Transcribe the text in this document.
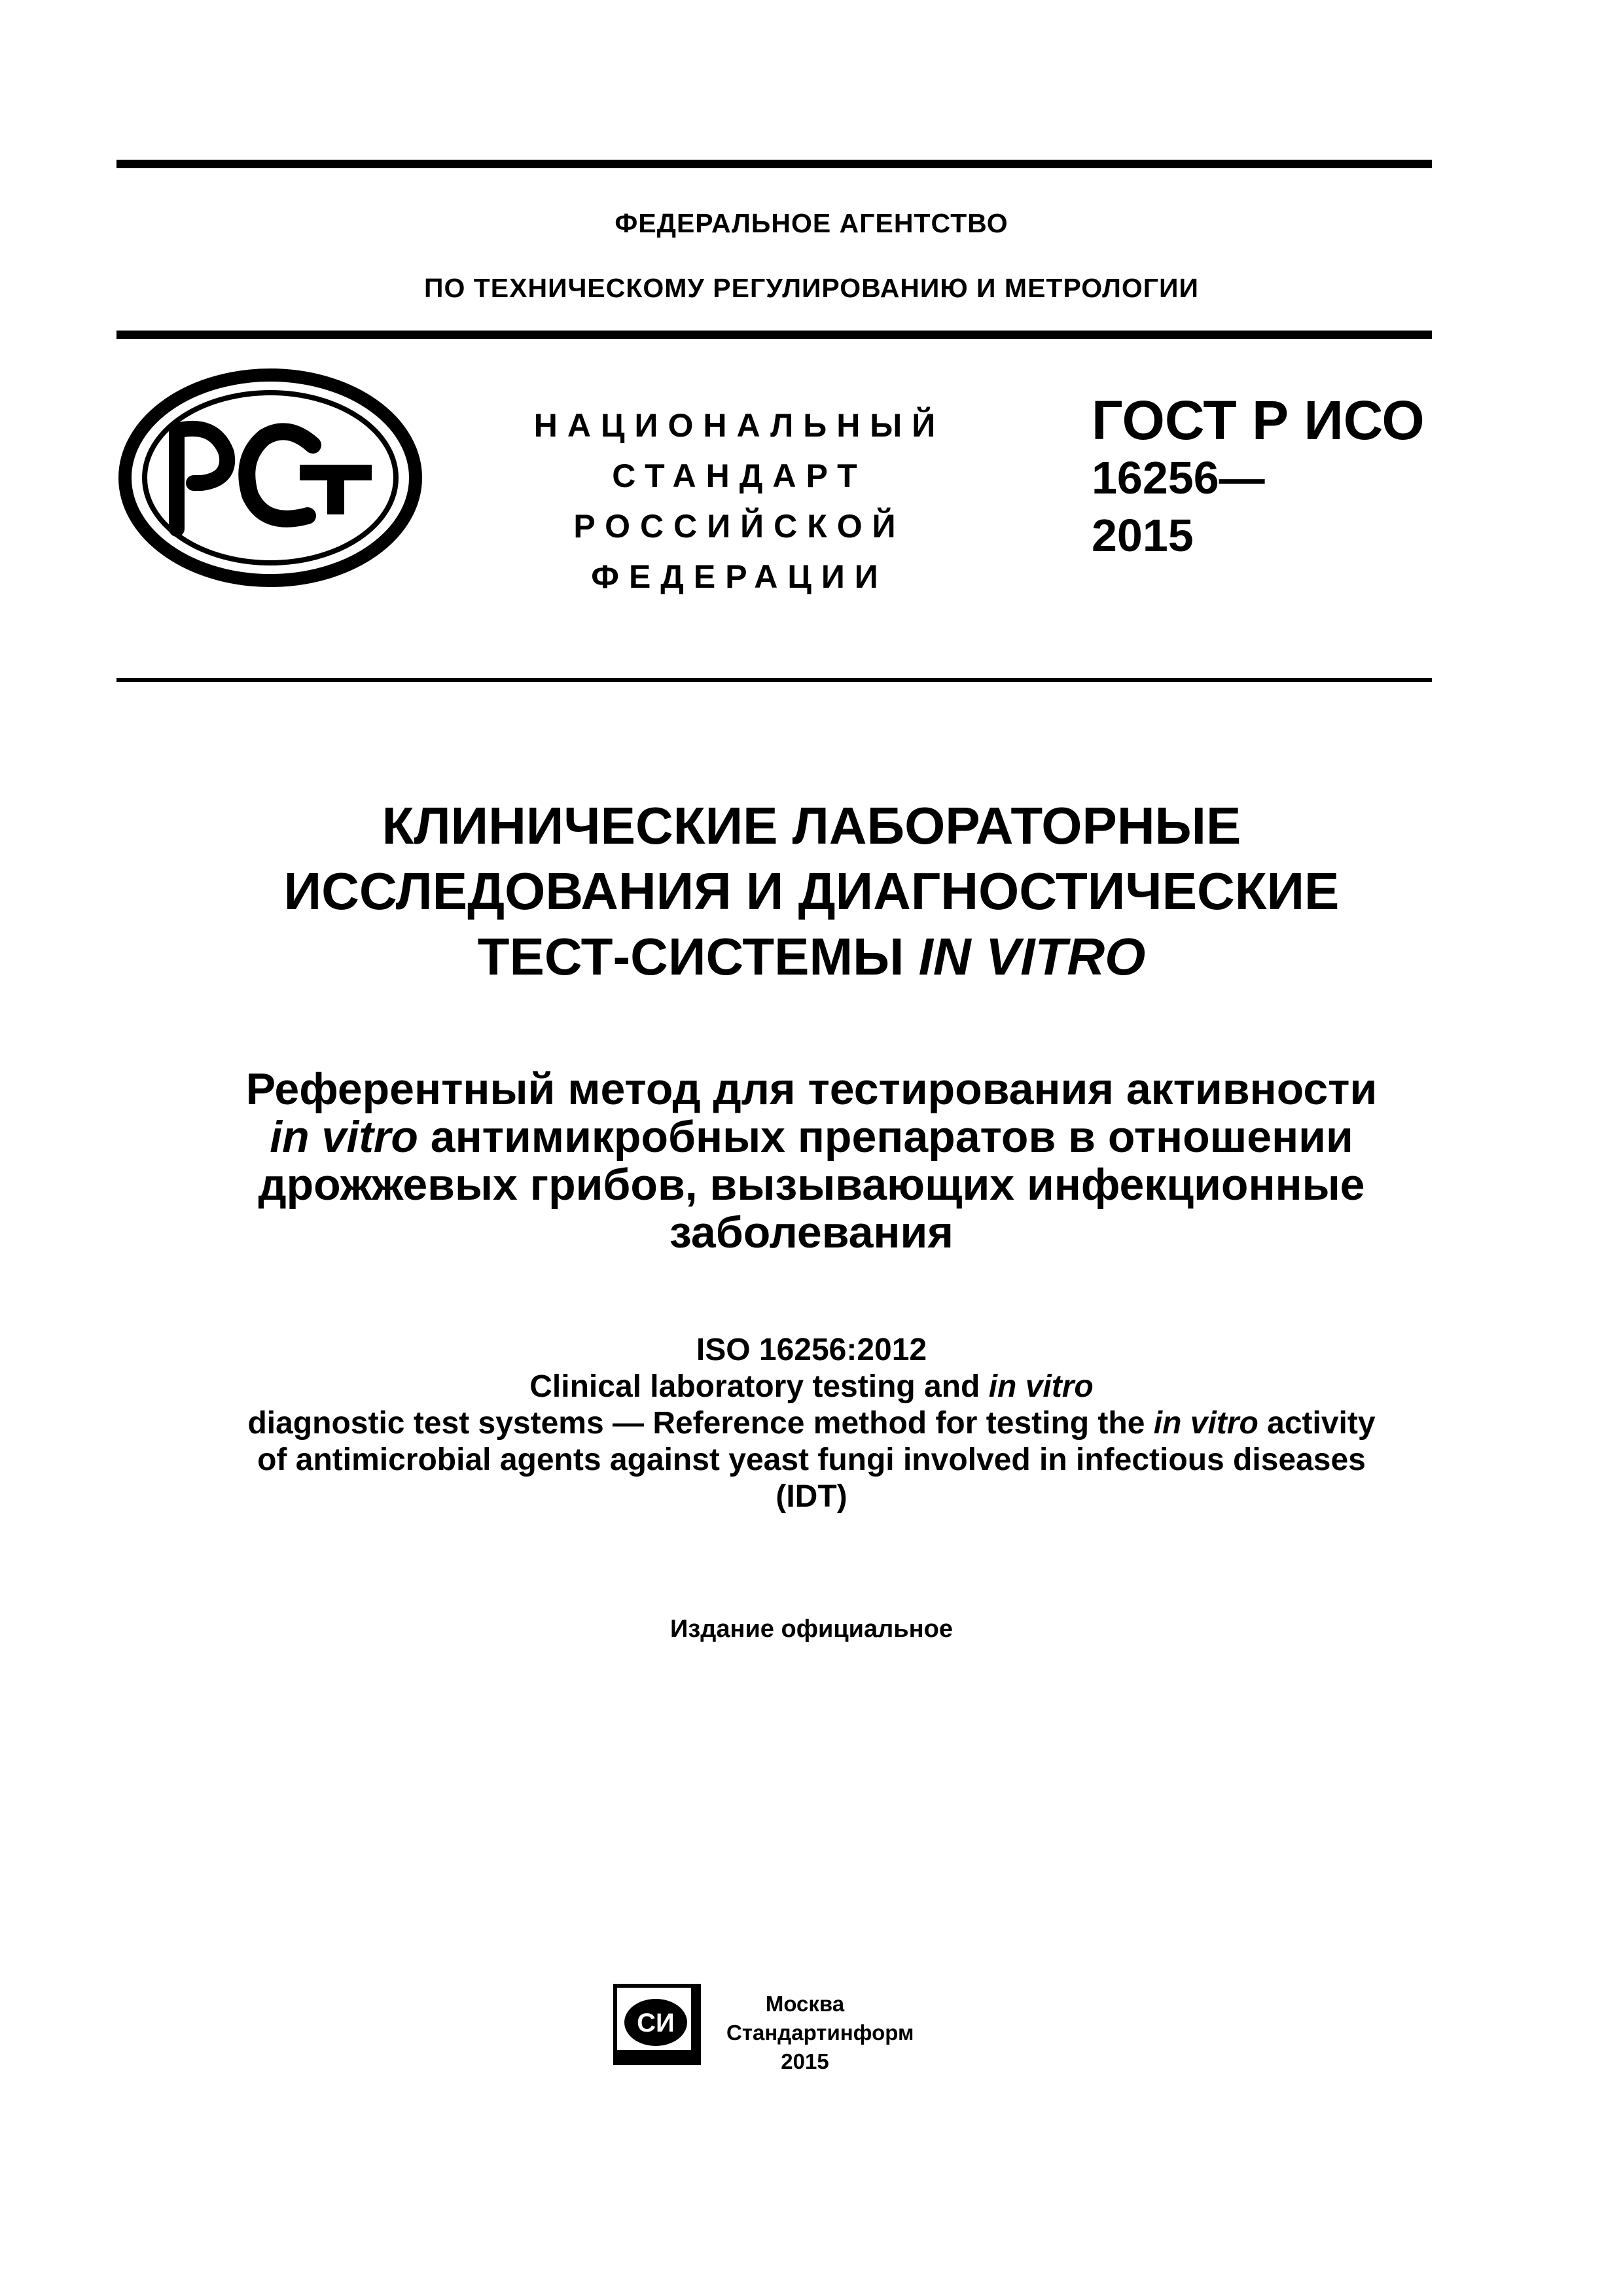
ФЕДЕРАЛЬНОЕ АГЕНТСТВО
ПО ТЕХНИЧЕСКОМУ РЕГУЛИРОВАНИЮ И МЕТРОЛОГИИ
НАЦИОНАЛЬНЫЙ
СТАНДАРТ
РОССИЙСКОЙ
ФЕДЕРАЦИИ
ГОСТ Р ИСО
16256—
2015
КЛИНИЧЕСКИЕ ЛАБОРАТОРНЫЕ
ИССЛЕДОВАНИЯ И ДИАГНОСТИЧЕСКИЕ
ТЕСТ-СИСТЕМЫ IN VITRO
Референтный метод для тестирования активности
in vitro антимикробных препаратов в отношении
дрожжевых грибов, вызывающих инфекционные
заболевания
ISO 16256:2012
Clinical laboratory testing and in vitro
diagnostic test systems — Reference method for testing the in vitro activity
of antimicrobial agents against yeast fungi involved in infectious diseases
(IDT)
Издание официальное
СИ
Москва
Стандартинформ
2015
